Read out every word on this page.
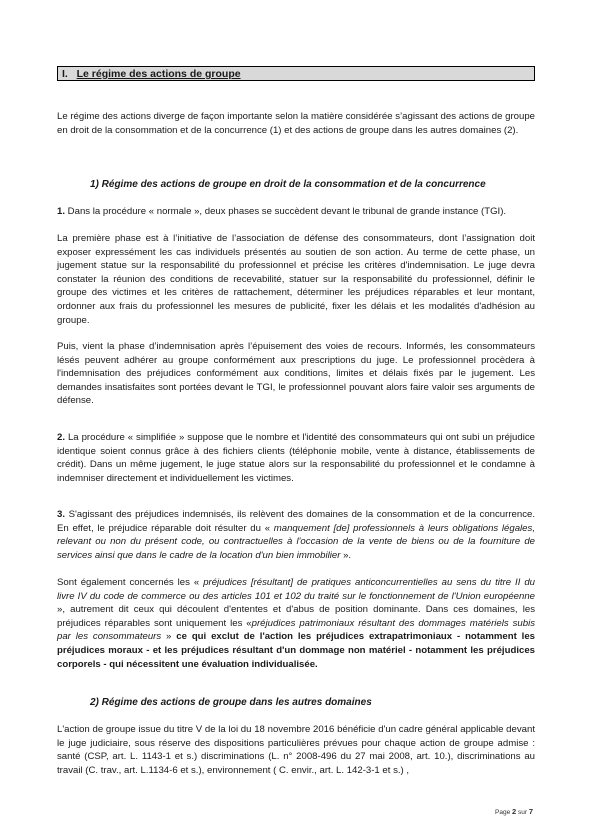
I. Le régime des actions de groupe
Le régime des actions diverge de façon importante selon la matière considérée s’agissant des actions de groupe en droit de la consommation et de la concurrence (1) et des actions de groupe dans les autres domaines (2).
1) Régime des actions de groupe en droit de la consommation et de la concurrence
1. Dans la procédure « normale », deux phases se succèdent devant le tribunal de grande instance (TGI).
La première phase est à l’initiative de l’association de défense des consommateurs, dont l’assignation doit exposer expressément les cas individuels présentés au soutien de son action. Au terme de cette phase, un jugement statue sur la responsabilité du professionnel et précise les critères d'indemnisation. Le juge devra constater la réunion des conditions de recevabilité, statuer sur la responsabilité du professionnel, définir le groupe des victimes et les critères de rattachement, déterminer les préjudices réparables et leur montant, ordonner aux frais du professionnel les mesures de publicité, fixer les délais et les modalités d'adhésion au groupe.
Puis, vient la phase d’indemnisation après l’épuisement des voies de recours. Informés, les consommateurs lésés peuvent adhérer au groupe conformément aux prescriptions du juge. Le professionnel procèdera à l'indemnisation des préjudices conformément aux conditions, limites et délais fixés par le jugement. Les demandes insatisfaites sont portées devant le TGI, le professionnel pouvant alors faire valoir ses arguments de défense.
2. La procédure « simplifiée » suppose que le nombre et l'identité des consommateurs qui ont subi un préjudice identique soient connus grâce à des fichiers clients (téléphonie mobile, vente à distance, établissements de crédit). Dans un même jugement, le juge statue alors sur la responsabilité du professionnel et le condamne à indemniser directement et individuellement les victimes.
3. S'agissant des préjudices indemnisés, ils relèvent des domaines de la consommation et de la concurrence. En effet, le préjudice réparable doit résulter du « manquement [de] professionnels à leurs obligations légales, relevant ou non du présent code, ou contractuelles à l'occasion de la vente de biens ou de la fourniture de services ainsi que dans le cadre de la location d'un bien immobilier ».
Sont également concernés les « préjudices [résultant] de pratiques anticoncurrentielles au sens du titre II du livre IV du code de commerce ou des articles 101 et 102 du traité sur le fonctionnement de l'Union européenne », autrement dit ceux qui découlent d'ententes et d'abus de position dominante. Dans ces domaines, les préjudices réparables sont uniquement les «préjudices patrimoniaux résultant des dommages matériels subis par les consommateurs » ce qui exclut de l'action les préjudices extrapatrimoniaux - notamment les préjudices moraux - et les préjudices résultant d'un dommage non matériel - notamment les préjudices corporels - qui nécessitent une évaluation individualisée.
2) Régime des actions de groupe dans les autres domaines
L'action de groupe issue du titre V de la loi du 18 novembre 2016 bénéficie d'un cadre général applicable devant le juge judiciaire, sous réserve des dispositions particulières prévues pour chaque action de groupe admise : santé (CSP, art. L. 1143-1 et s.) discriminations (L. n° 2008-496 du 27 mai 2008, art. 10.), discriminations au travail (C. trav., art. L.1134-6 et s.), environnement ( C. envir., art. L. 142-3-1 et s.) ,
Page 2 sur 7
